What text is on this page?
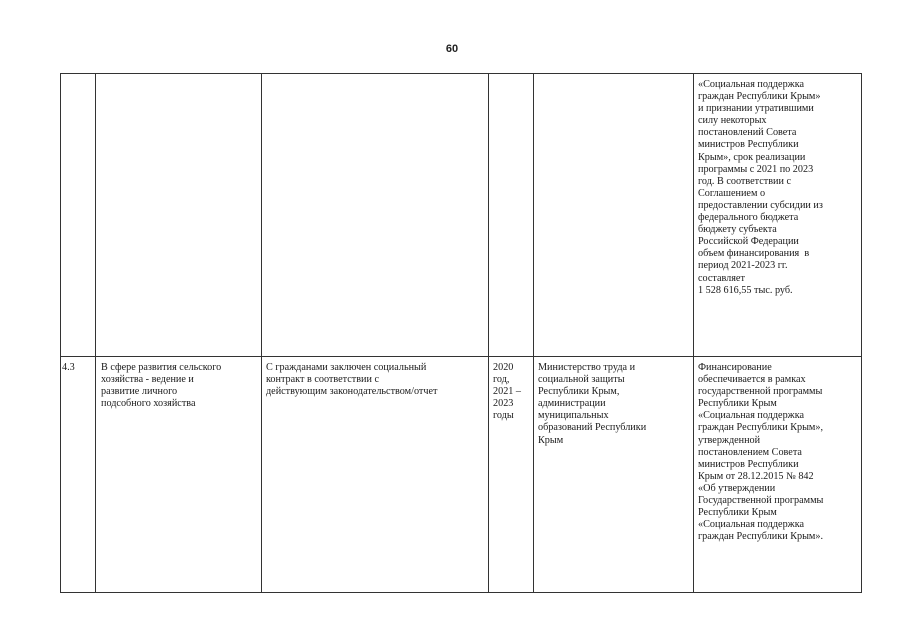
60
«Социальная поддержка
граждан Республики Крым»
и признании утратившими
силу некоторых
постановлений Совета
министров Республики
Крым», срок реализации
программы с 2021 по 2023
год. В соответствии с
Соглашением о
предоставлении субсидии из
федерального бюджета
бюджету субъекта
Российской Федерации
объем финансирования  в
период 2021-2023 гг.
составляет
1 528 616,55 тыс. руб.
4.3	В сфере развития сельского
хозяйства - ведение и
развитие личного
подсобного хозяйства
С гражданами заключен социальный
контракт в соответствии с
действующим законодательством/отчет
2020
год,
2021 –
2023
годы
Министерство труда и
социальной защиты
Республики Крым,
администрации
муниципальных
образований Республики
Крым
Финансирование
обеспечивается в рамках
государственной программы
Республики Крым
«Социальная поддержка
граждан Республики Крым»,
утвержденной
постановлением Совета
министров Республики
Крым от 28.12.2015 № 842
«Об утверждении
Государственной программы
Республики Крым
«Социальная поддержка
граждан Республики Крым».
